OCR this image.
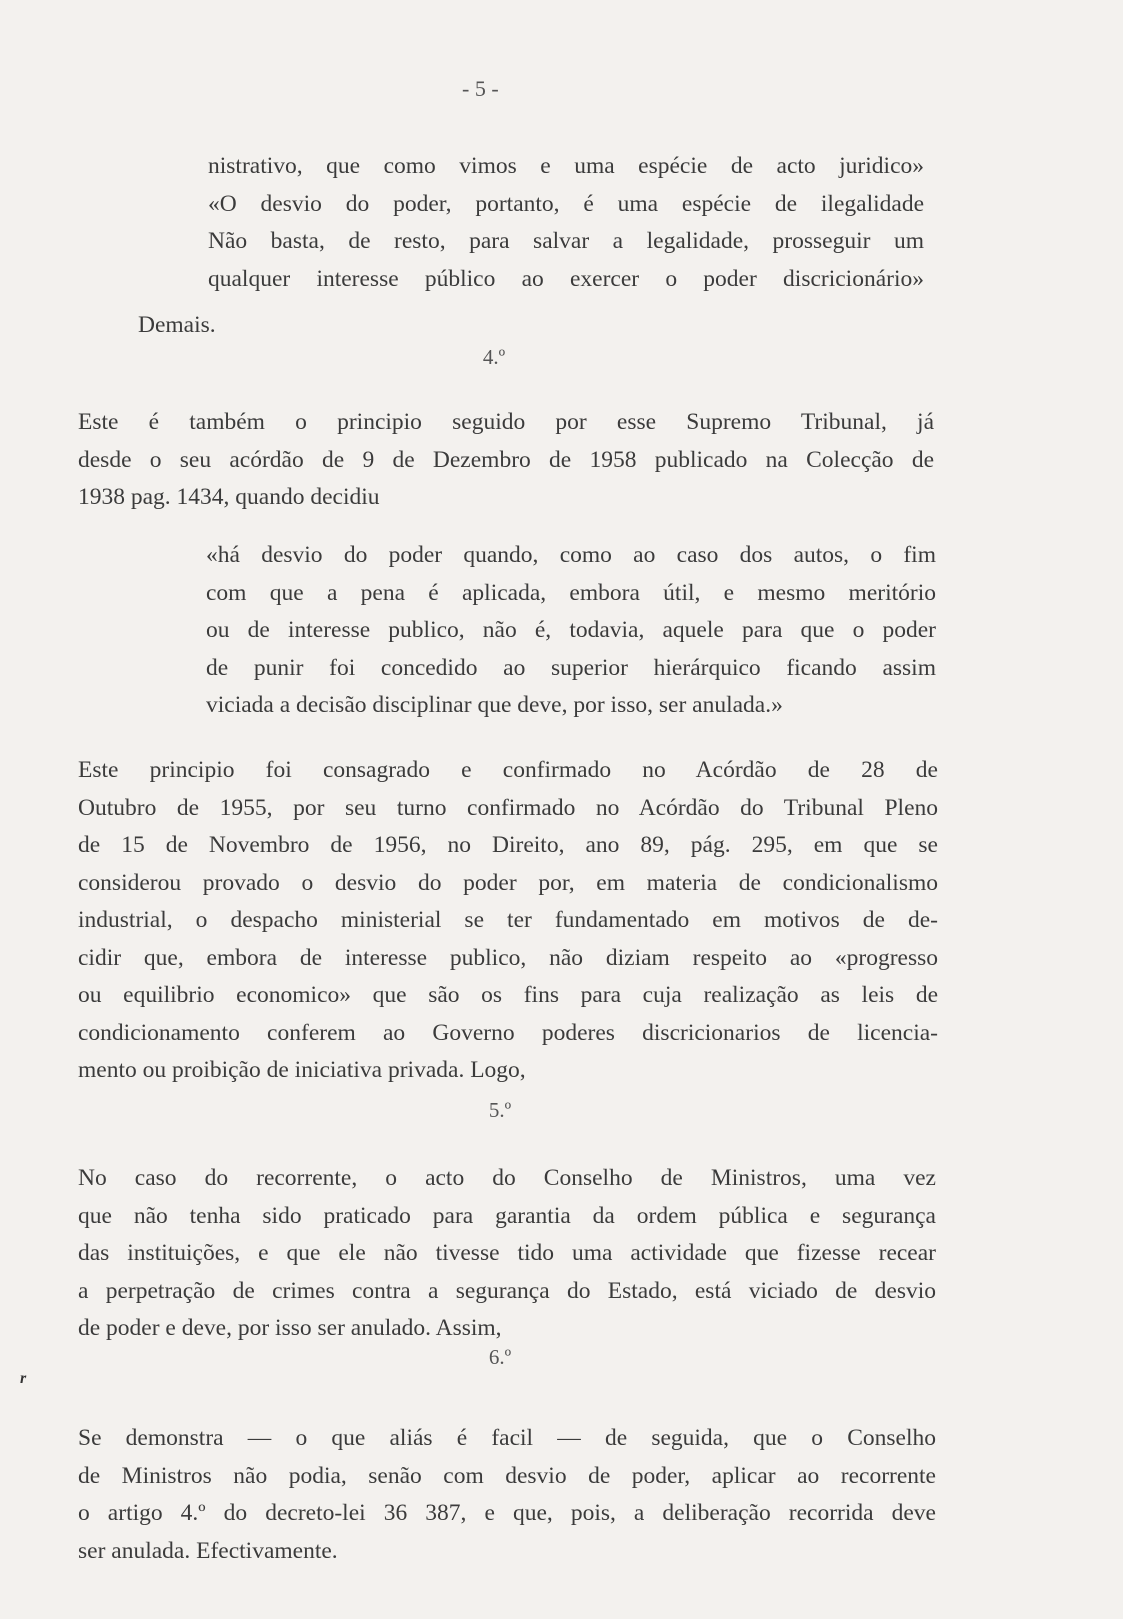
- 5 -
nistrativo, que como vimos e uma espécie de acto juridico»
«O desvio do poder, portanto, é uma espécie de ilegalidade
Não basta, de resto, para salvar a legalidade, prosseguir um
qualquer interesse público ao exercer o poder discricionário»
Demais.
4.º
Este é também o principio seguido por esse Supremo Tribunal, já
desde o seu acórdão de 9 de Dezembro de 1958 publicado na Colecção de
1938 pag. 1434, quando decidiu
«há desvio do poder quando, como ao caso dos autos, o fim
com que a pena é aplicada, embora útil, e mesmo meritório
ou de interesse publico, não é, todavia, aquele para que o poder
de punir foi concedido ao superior hierárquico ficando assim
viciada a decisão disciplinar que deve, por isso, ser anulada.»
Este principio foi consagrado e confirmado no Acórdão de 28 de
Outubro de 1955, por seu turno confirmado no Acórdão do Tribunal Pleno
de 15 de Novembro de 1956, no Direito, ano 89, pág. 295, em que se
considerou provado o desvio do poder por, em materia de condicionalismo
industrial, o despacho ministerial se ter fundamentado em motivos de de-
cidir que, embora de interesse publico, não diziam respeito ao «progresso
ou equilibrio economico» que são os fins para cuja realização as leis de
condicionamento conferem ao Governo poderes discricionarios de licencia-
mento ou proibição de iniciativa privada. Logo,
5.º
No caso do recorrente, o acto do Conselho de Ministros, uma vez
que não tenha sido praticado para garantia da ordem pública e segurança
das instituições, e que ele não tivesse tido uma actividade que fizesse recear
a perpetração de crimes contra a segurança do Estado, está viciado de desvio
de poder e deve, por isso ser anulado. Assim,
6.º
Se demonstra — o que aliás é facil — de seguida, que o Conselho
de Ministros não podia, senão com desvio de poder, aplicar ao recorrente
o artigo 4.º do decreto-lei 36 387, e que, pois, a deliberação recorrida deve
ser anulada. Efectivamente.
r
